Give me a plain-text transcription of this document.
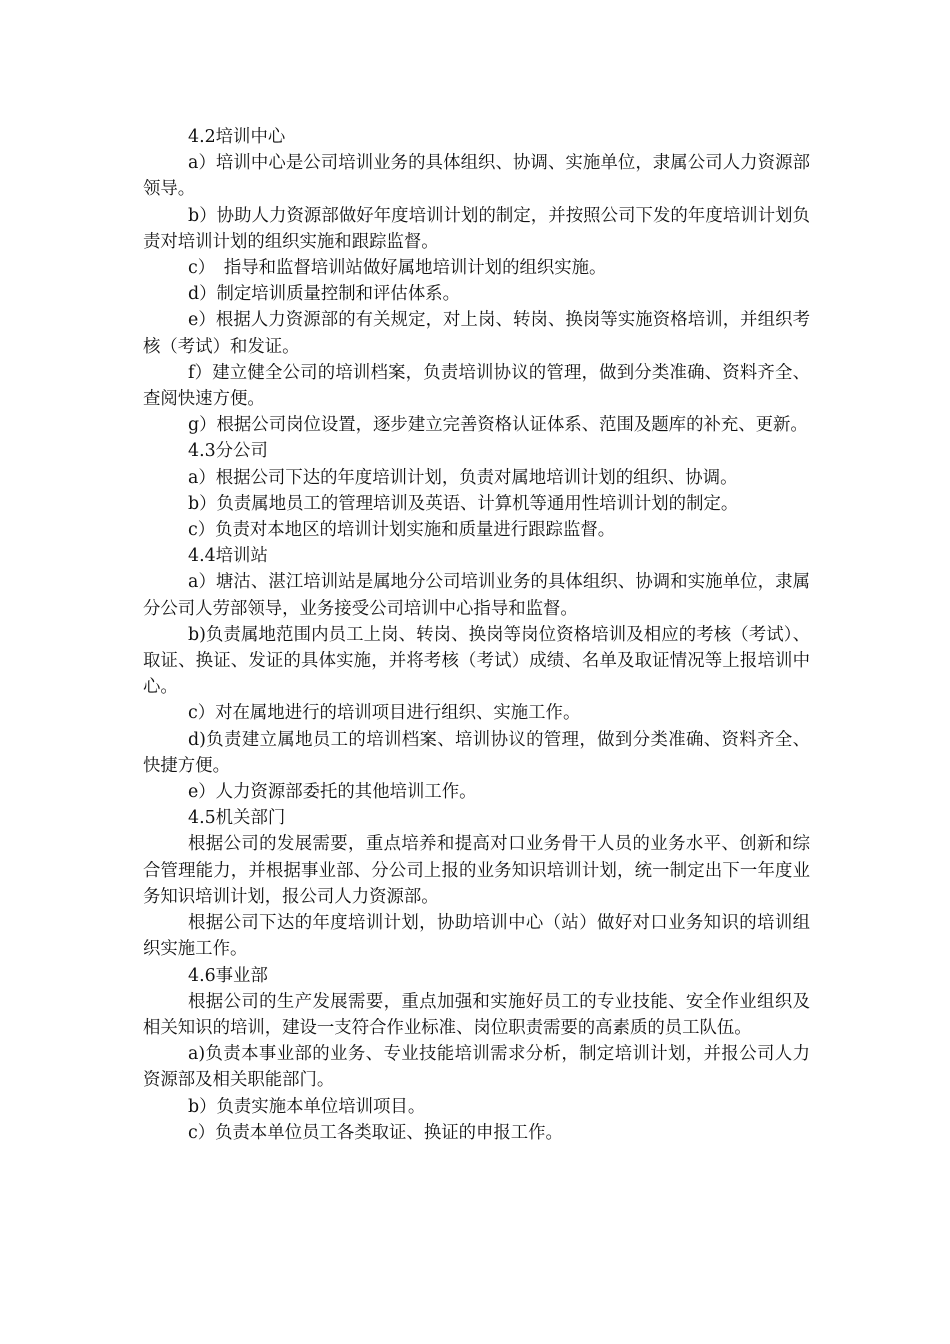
4.2培训中心

a）培训中心是公司培训业务的具体组织、协调、实施单位，隶属公司人力资源部领导。

b）协助人力资源部做好年度培训计划的制定，并按照公司下发的年度培训计划负责对培训计划的组织实施和跟踪监督。

c）　指导和监督培训站做好属地培训计划的组织实施。

d）制定培训质量控制和评估体系。

e）根据人力资源部的有关规定，对上岗、转岗、换岗等实施资格培训，并组织考核（考试）和发证。

f）建立健全公司的培训档案，负责培训协议的管理，做到分类准确、资料齐全、查阅快速方便。

g）根据公司岗位设置，逐步建立完善资格认证体系、范围及题库的补充、更新。

4.3分公司

a）根据公司下达的年度培训计划，负责对属地培训计划的组织、协调。

b）负责属地员工的管理培训及英语、计算机等通用性培训计划的制定。

c）负责对本地区的培训计划实施和质量进行跟踪监督。

4.4培训站

a）塘沽、湛江培训站是属地分公司培训业务的具体组织、协调和实施单位，隶属分公司人劳部领导，业务接受公司培训中心指导和监督。

b)负责属地范围内员工上岗、转岗、换岗等岗位资格培训及相应的考核（考试）、取证、换证、发证的具体实施，并将考核（考试）成绩、名单及取证情况等上报培训中心。

c）对在属地进行的培训项目进行组织、实施工作。

d)负责建立属地员工的培训档案、培训协议的管理，做到分类准确、资料齐全、快捷方便。

e）人力资源部委托的其他培训工作。

4.5机关部门

根据公司的发展需要，重点培养和提高对口业务骨干人员的业务水平、创新和综合管理能力，并根据事业部、分公司上报的业务知识培训计划，统一制定出下一年度业务知识培训计划，报公司人力资源部。

根据公司下达的年度培训计划，协助培训中心（站）做好对口业务知识的培训组织实施工作。

4.6事业部

根据公司的生产发展需要，重点加强和实施好员工的专业技能、安全作业组织及相关知识的培训，建设一支符合作业标准、岗位职责需要的高素质的员工队伍。

a)负责本事业部的业务、专业技能培训需求分析，制定培训计划，并报公司人力资源部及相关职能部门。

b）负责实施本单位培训项目。

c）负责本单位员工各类取证、换证的申报工作。
